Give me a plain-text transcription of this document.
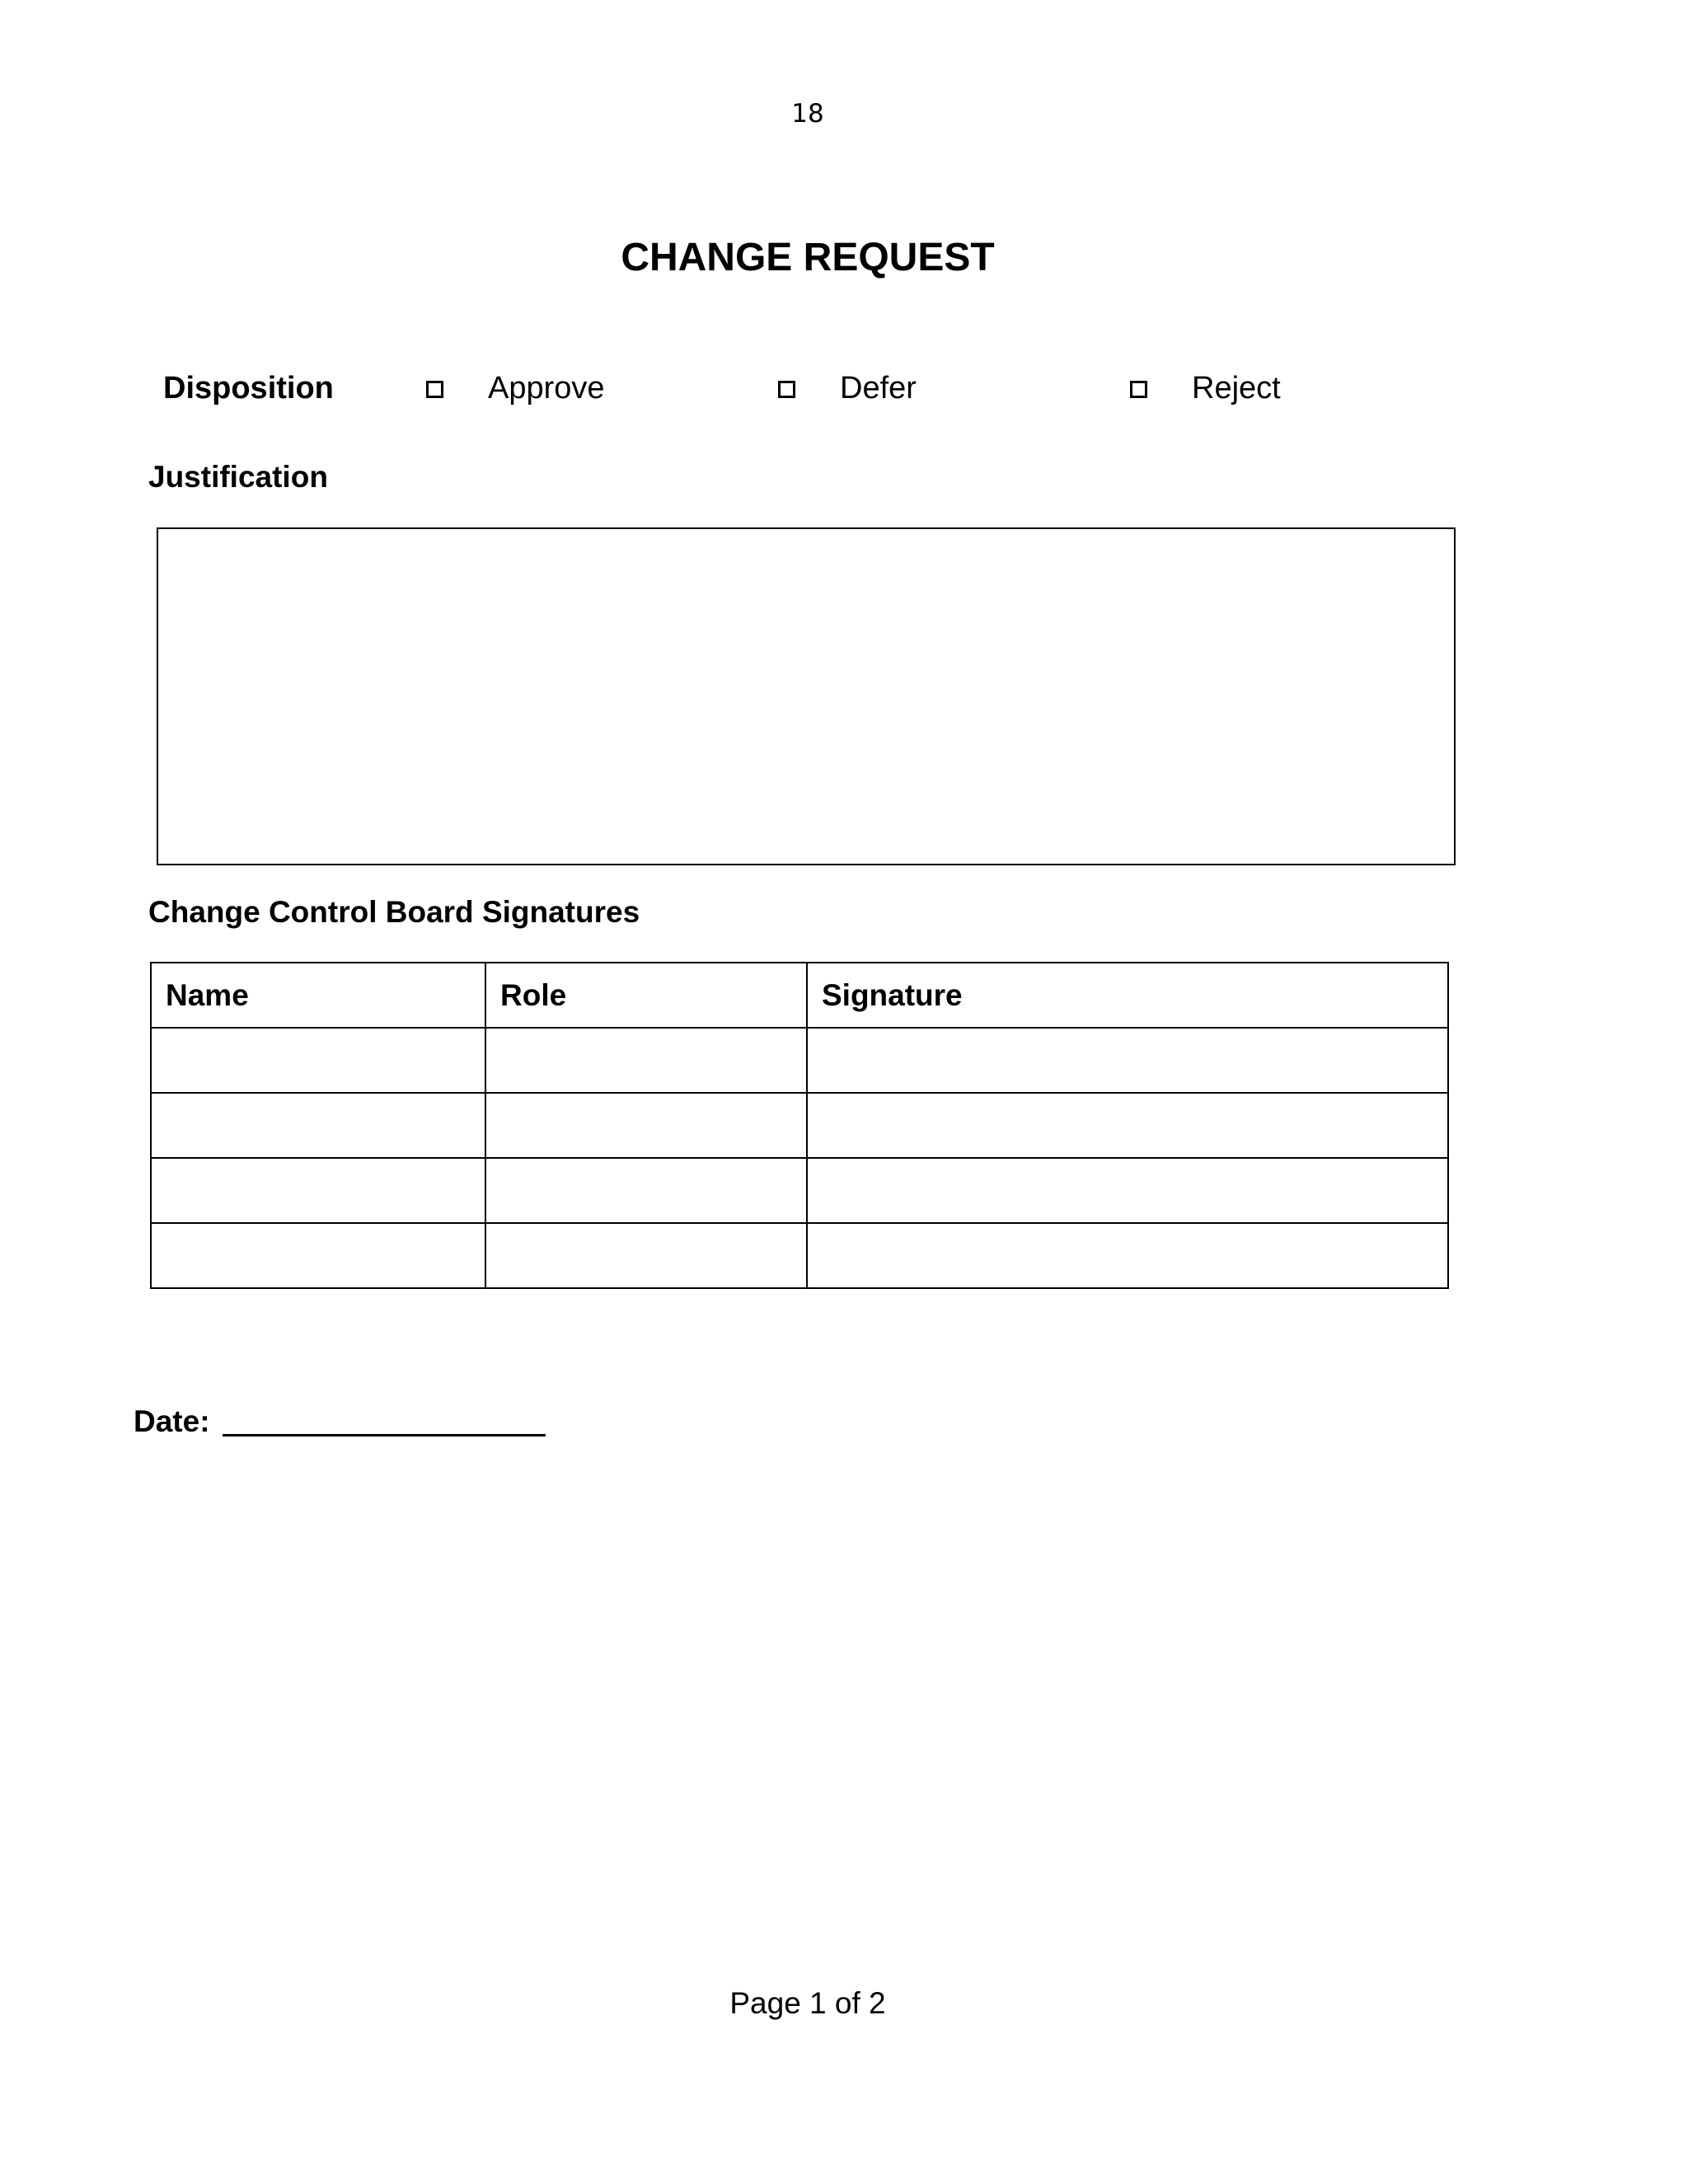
18
CHANGE REQUEST
Disposition	Approve	Defer	Reject
Justification
Change Control Board Signatures
Name	Role	Signature

Date:
Page 1 of 2
